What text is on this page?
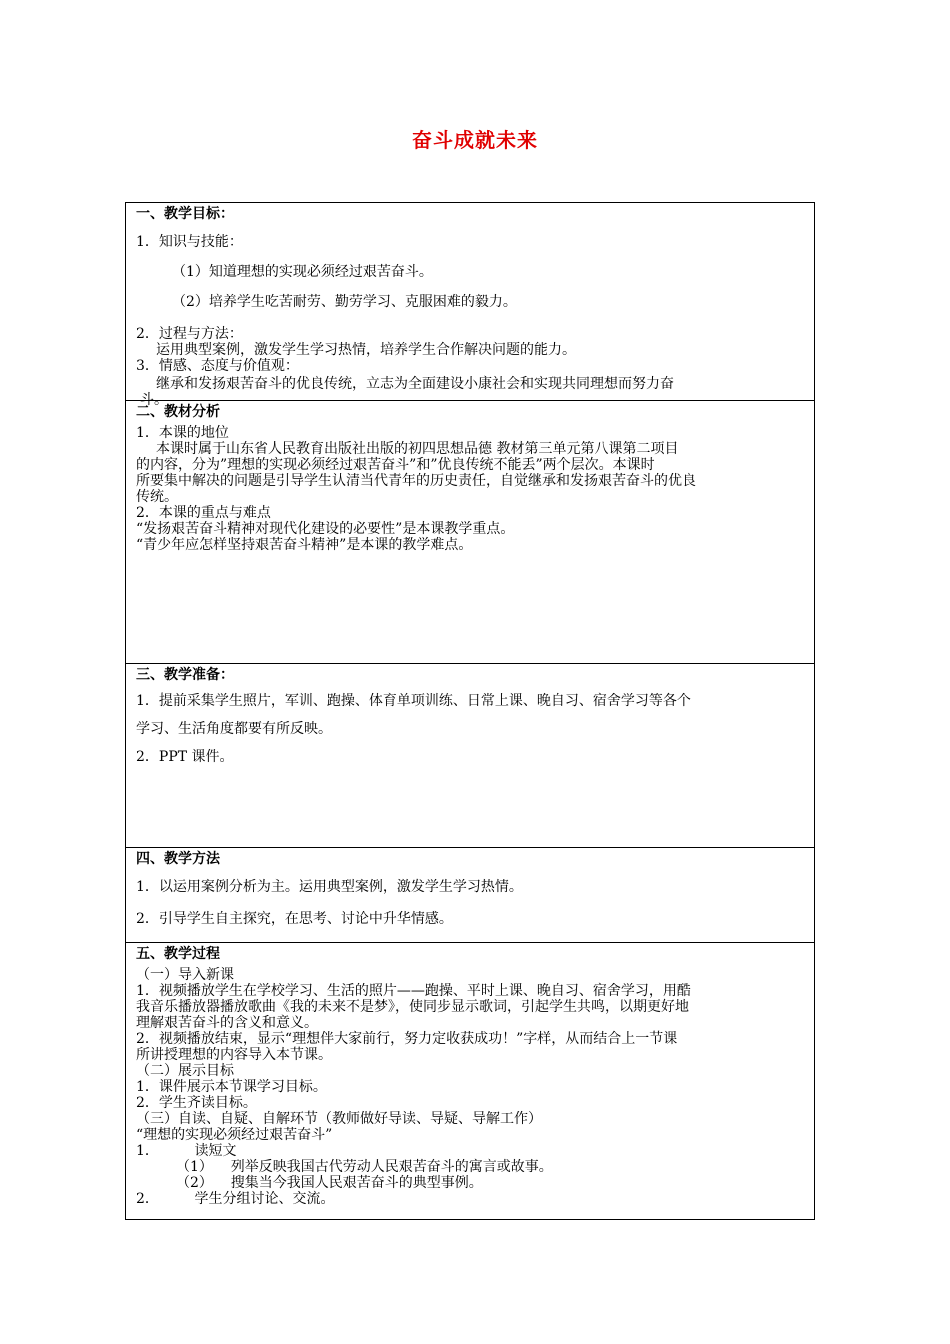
奋斗成就未来
一、教学目标：
1．知识与技能：
（1）知道理想的实现必须经过艰苦奋斗。
（2）培养学生吃苦耐劳、勤劳学习、克服困难的毅力。
2．过程与方法：
运用典型案例，激发学生学习热情，培养学生合作解决问题的能力。
3．情感、态度与价值观：
继承和发扬艰苦奋斗的优良传统，立志为全面建设小康社会和实现共同理想而努力奋
斗。
二、教材分析
1．本课的地位
本课时属于山东省人民教育出版社出版的初四思想品德 教材第三单元第八课第二项目
的内容，分为”理想的实现必须经过艰苦奋斗”和”优良传统不能丢”两个层次。本课时
所要集中解决的问题是引导学生认清当代青年的历史责任，自觉继承和发扬艰苦奋斗的优良
传统。
2．本课的重点与难点
“发扬艰苦奋斗精神对现代化建设的必要性”是本课教学重点。
“青少年应怎样坚持艰苦奋斗精神”是本课的教学难点。
三、教学准备：
1．提前采集学生照片，军训、跑操、体育单项训练、日常上课、晚自习、宿舍学习等各个
学习、生活角度都要有所反映。
2．PPT 课件。
四、教学方法
1．以运用案例分析为主。运用典型案例，激发学生学习热情。
2．引导学生自主探究，在思考、讨论中升华情感。
五、教学过程
（一）导入新课
1．视频播放学生在学校学习、生活的照片——跑操、平时上课、晚自习、宿舍学习，用酷
我音乐播放器播放歌曲《我的未来不是梦》，使同步显示歌词，引起学生共鸣，以期更好地
理解艰苦奋斗的含义和意义。
2．视频播放结束，显示“理想伴大家前行，努力定收获成功！”字样，从而结合上一节课
所讲授理想的内容导入本节课。
（二）展示目标
1．课件展示本节课学习目标。
2．学生齐读目标。
（三）自读、自疑、自解环节（教师做好导读、导疑、导解工作）
“理想的实现必须经过艰苦奋斗”
1．        读短文
（1）    列举反映我国古代劳动人民艰苦奋斗的寓言或故事。
（2）    搜集当今我国人民艰苦奋斗的典型事例。
2．        学生分组讨论、交流。
